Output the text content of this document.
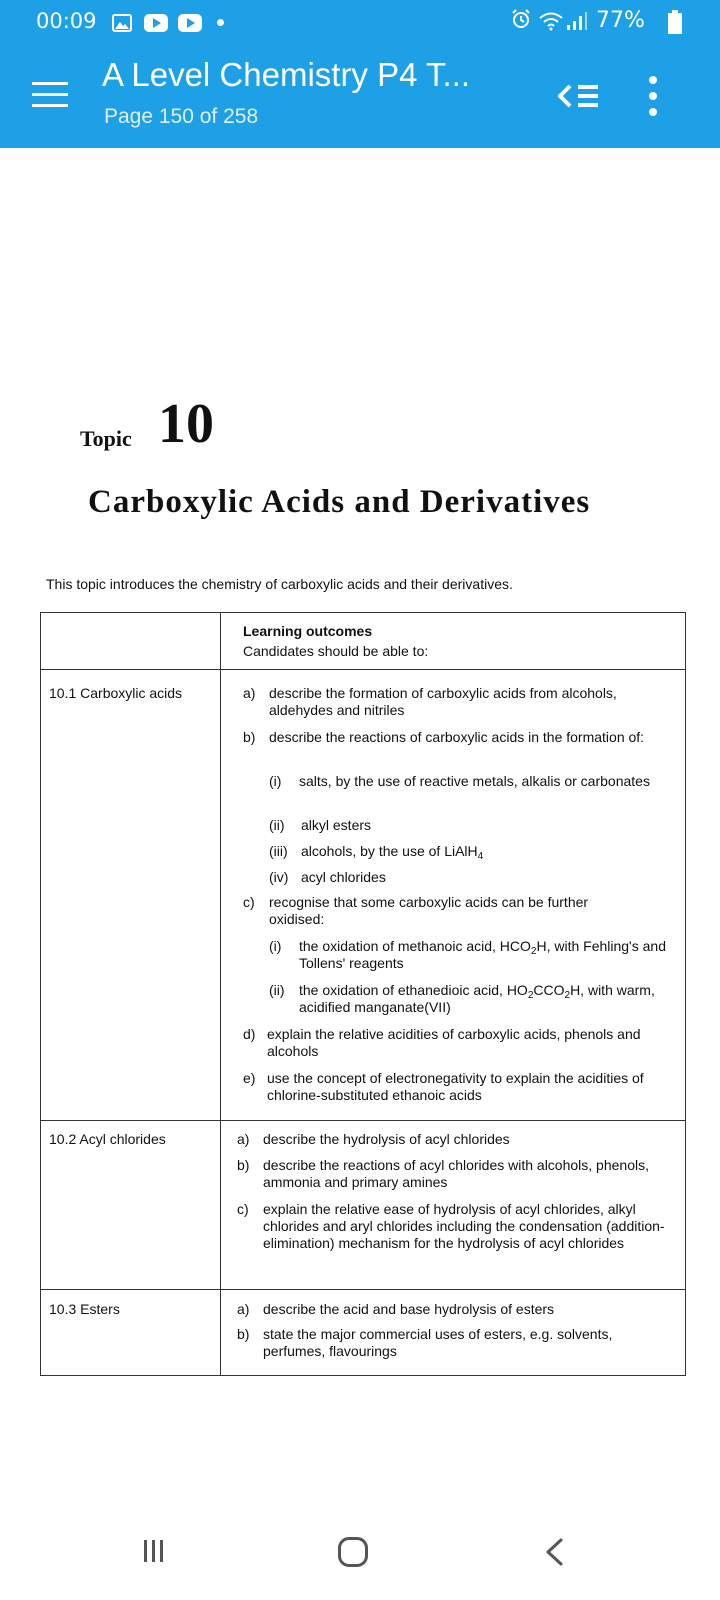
00:09	77%
A Level Chemistry P4 T...
Page 150 of 258
Topic 10
Carboxylic Acids and Derivatives
This topic introduces the chemistry of carboxylic acids and their derivatives.
Learning outcomes
Candidates should be able to:
10.1 Carboxylic acids	a) describe the formation of carboxylic acids from alcohols, aldehydes and nitriles
b) describe the reactions of carboxylic acids in the formation of:
(i)	salts, by the use of reactive metals, alkalis or carbonates
(ii)	alkyl esters
(iii) alcohols, by the use of LiAlH$_4$
(iv) acyl chlorides
c)	recognise that some carboxylic acids can be further oxidised:
(i)	the oxidation of methanoic acid, $HCO_2H$, with Fehling's and Tollens' reagents
(ii)	the oxidation of ethanedioic acid, $HO_2CCO_2H$, with warm, acidified manganate(VII)
d) explain the relative acidities of carboxylic acids, phenols and alcohols
e) use the concept of electronegativity to explain the acidities of chlorine-substituted ethanoic acids
10.2 Acyl chlorides	a) describe the hydrolysis of acyl chlorides
b) describe the reactions of acyl chlorides with alcohols, phenols, ammonia and primary amines
c)	explain the relative ease of hydrolysis of acyl chlorides, alkyl chlorides and aryl chlorides including the condensation (addition-elimination) mechanism for the hydrolysis of acyl chlorides
10.3 Esters	a) describe the acid and base hydrolysis of esters
b) state the major commercial uses of esters, e.g. solvents, perfumes, flavourings
